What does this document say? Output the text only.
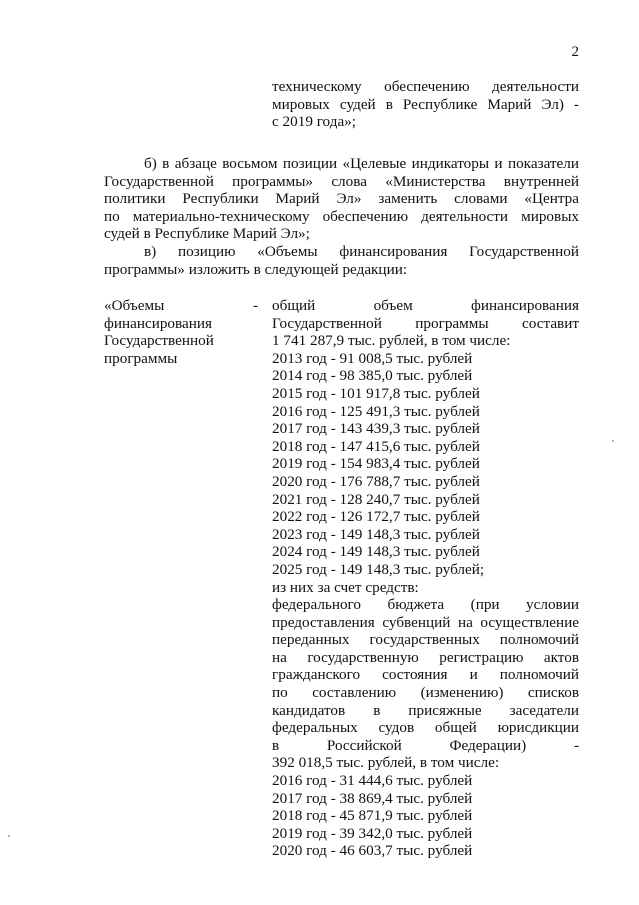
2
техническому обеспечению деятельности
мировых судей в Республике Марий Эл) -
с 2019 года»;
б) в абзаце восьмом позиции «Целевые индикаторы и показатели
Государственной программы» слова «Министерства внутренней
политики Республики Марий Эл» заменить словами «Центра
по материально-техническому обеспечению деятельности мировых
судей в Республике Марий Эл»;
в) позицию «Объемы финансирования Государственной
программы» изложить в следующей редакции:
«Объемы
финансирования
Государственной
программы
- общий объем финансирования
Государственной программы составит
1 741 287,9 тыс. рублей, в том числе:
2013 год - 91 008,5 тыс. рублей
2014 год - 98 385,0 тыс. рублей
2015 год - 101 917,8 тыс. рублей
2016 год - 125 491,3 тыс. рублей
2017 год - 143 439,3 тыс. рублей
2018 год - 147 415,6 тыс. рублей
2019 год - 154 983,4 тыс. рублей
2020 год - 176 788,7 тыс. рублей
2021 год - 128 240,7 тыс. рублей
2022 год - 126 172,7 тыс. рублей
2023 год - 149 148,3 тыс. рублей
2024 год - 149 148,3 тыс. рублей
2025 год - 149 148,3 тыс. рублей;
из них за счет средств:
федерального бюджета (при условии
предоставления субвенций на осуществление
переданных государственных полномочий
на государственную регистрацию актов
гражданского состояния и полномочий
по составлению (изменению) списков
кандидатов в присяжные заседатели
федеральных судов общей юрисдикции
в Российской Федерации) -
392 018,5 тыс. рублей, в том числе:
2016 год - 31 444,6 тыс. рублей
2017 год - 38 869,4 тыс. рублей
2018 год - 45 871,9 тыс. рублей
2019 год - 39 342,0 тыс. рублей
2020 год - 46 603,7 тыс. рублей
